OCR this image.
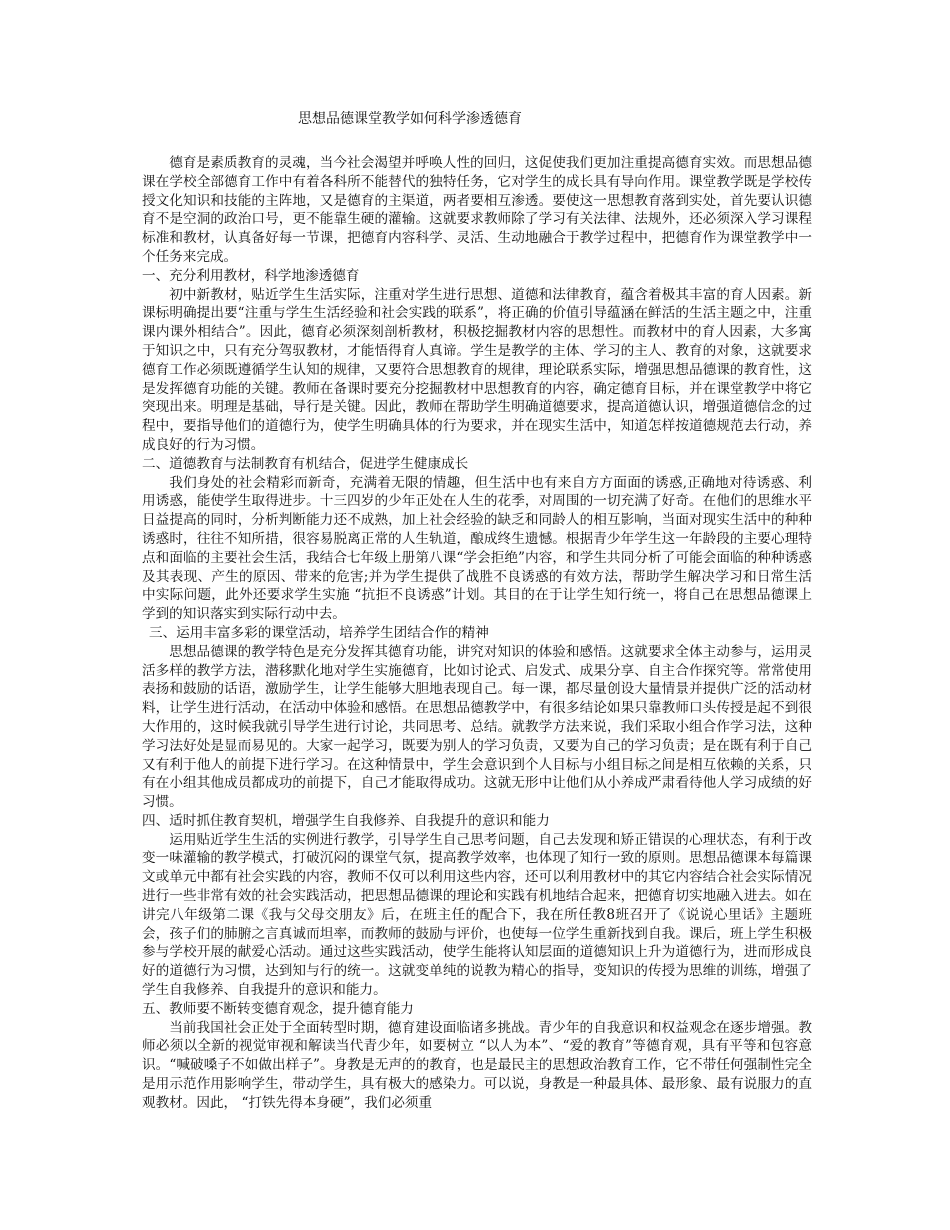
思想品德课堂教学如何科学渗透德育

德育是素质教育的灵魂，当今社会渴望并呼唤人性的回归，这促使我们更加注重提高德育实效。而思想品德课在学校全部德育工作中有着各科所不能替代的独特任务，它对学生的成长具有导向作用。课堂教学既是学校传授文化知识和技能的主阵地，又是德育的主渠道，两者要相互渗透。要使这一思想教育落到实处，首先要认识德育不是空洞的政治口号，更不能靠生硬的灌输。这就要求教师除了学习有关法律、法规外，还必须深入学习课程标准和教材，认真备好每一节课，把德育内容科学、灵活、生动地融合于教学过程中，把德育作为课堂教学中一个任务来完成。

一、充分利用教材，科学地渗透德育

初中新教材，贴近学生生活实际，注重对学生进行思想、道德和法律教育，蕴含着极其丰富的育人因素。新课标明确提出要“注重与学生生活经验和社会实践的联系”，将正确的价值引导蕴涵在鲜活的生活主题之中，注重课内课外相结合”。因此，德育必须深刻剖析教材，积极挖掘教材内容的思想性。而教材中的育人因素，大多寓于知识之中，只有充分驾驭教材，才能悟得育人真谛。学生是教学的主体、学习的主人、教育的对象，这就要求德育工作必须既遵循学生认知的规律，又要符合思想教育的规律，理论联系实际，增强思想品德课的教育性，这是发挥德育功能的关键。教师在备课时要充分挖掘教材中思想教育的内容，确定德育目标，并在课堂教学中将它突现出来。明理是基础，导行是关键。因此，教师在帮助学生明确道德要求，提高道德认识，增强道德信念的过程中，要指导他们的道德行为，使学生明确具体的行为要求，并在现实生活中，知道怎样按道德规范去行动，养成良好的行为习惯。

二、道德教育与法制教育有机结合，促进学生健康成长

我们身处的社会精彩而新奇，充满着无限的情趣，但生活中也有来自方方面面的诱惑,正确地对待诱惑、利用诱惑，能使学生取得进步。十三四岁的少年正处在人生的花季，对周围的一切充满了好奇。在他们的思维水平日益提高的同时，分析判断能力还不成熟，加上社会经验的缺乏和同龄人的相互影响，当面对现实生活中的种种诱惑时，往往不知所措，很容易脱离正常的人生轨道，酿成终生遗憾。根据青少年学生这一年龄段的主要心理特点和面临的主要社会生活，我结合七年级上册第八课“学会拒绝”内容，和学生共同分析了可能会面临的种种诱惑及其表现、产生的原因、带来的危害;并为学生提供了战胜不良诱惑的有效方法，帮助学生解决学习和日常生活中实际问题，此外还要求学生实施 “抗拒不良诱惑”计划。其目的在于让学生知行统一，将自己在思想品德课上学到的知识落实到实际行动中去。

三、运用丰富多彩的课堂活动，培养学生团结合作的精神

思想品德课的教学特色是充分发挥其德育功能，讲究对知识的体验和感悟。这就要求全体主动参与，运用灵活多样的教学方法，潜移默化地对学生实施德育，比如讨论式、启发式、成果分享、自主合作探究等。常常使用表扬和鼓励的话语，激励学生，让学生能够大胆地表现自己。每一课，都尽量创设大量情景并提供广泛的活动材料，让学生进行活动，在活动中体验和感悟。在思想品德教学中，有很多结论如果只靠教师口头传授是起不到很大作用的，这时候我就引导学生进行讨论，共同思考、总结。就教学方法来说，我们采取小组合作学习法，这种学习法好处是显而易见的。大家一起学习，既要为别人的学习负责，又要为自己的学习负责；是在既有利于自己又有利于他人的前提下进行学习。在这种情景中，学生会意识到个人目标与小组目标之间是相互依赖的关系，只有在小组其他成员都成功的前提下，自己才能取得成功。这就无形中让他们从小养成严肃看待他人学习成绩的好习惯。

四、适时抓住教育契机，增强学生自我修养、自我提升的意识和能力

运用贴近学生生活的实例进行教学，引导学生自己思考问题，自己去发现和矫正错误的心理状态，有利于改变一味灌输的教学模式，打破沉闷的课堂气氛，提高教学效率，也体现了知行一致的原则。思想品德课本每篇课文或单元中都有社会实践的内容，教师不仅可以利用这些内容，还可以利用教材中的其它内容结合社会实际情况进行一些非常有效的社会实践活动，把思想品德课的理论和实践有机地结合起来，把德育切实地融入进去。如在讲完八年级第二课《我与父母交朋友》后，在班主任的配合下，我在所任教8班召开了《说说心里话》主题班会，孩子们的肺腑之言真诚而坦率，而教师的鼓励与评价，也使每一位学生重新找到自我。课后，班上学生积极参与学校开展的献爱心活动。通过这些实践活动，使学生能将认知层面的道德知识上升为道德行为，进而形成良好的道德行为习惯，达到知与行的统一。这就变单纯的说教为精心的指导，变知识的传授为思维的训练，增强了学生自我修养、自我提升的意识和能力。

五、教师要不断转变德育观念，提升德育能力

当前我国社会正处于全面转型时期，德育建设面临诸多挑战。青少年的自我意识和权益观念在逐步增强。教师必须以全新的视觉审视和解读当代青少年，如要树立 “以人为本”、“爱的教育”等德育观，具有平等和包容意识。“喊破嗓子不如做出样子”。身教是无声的的教育，也是最民主的思想政治教育工作，它不带任何强制性完全是用示范作用影响学生，带动学生，具有极大的感染力。可以说，身教是一种最具体、最形象、最有说服力的直观教材。因此， “打铁先得本身硬”，我们必须重
